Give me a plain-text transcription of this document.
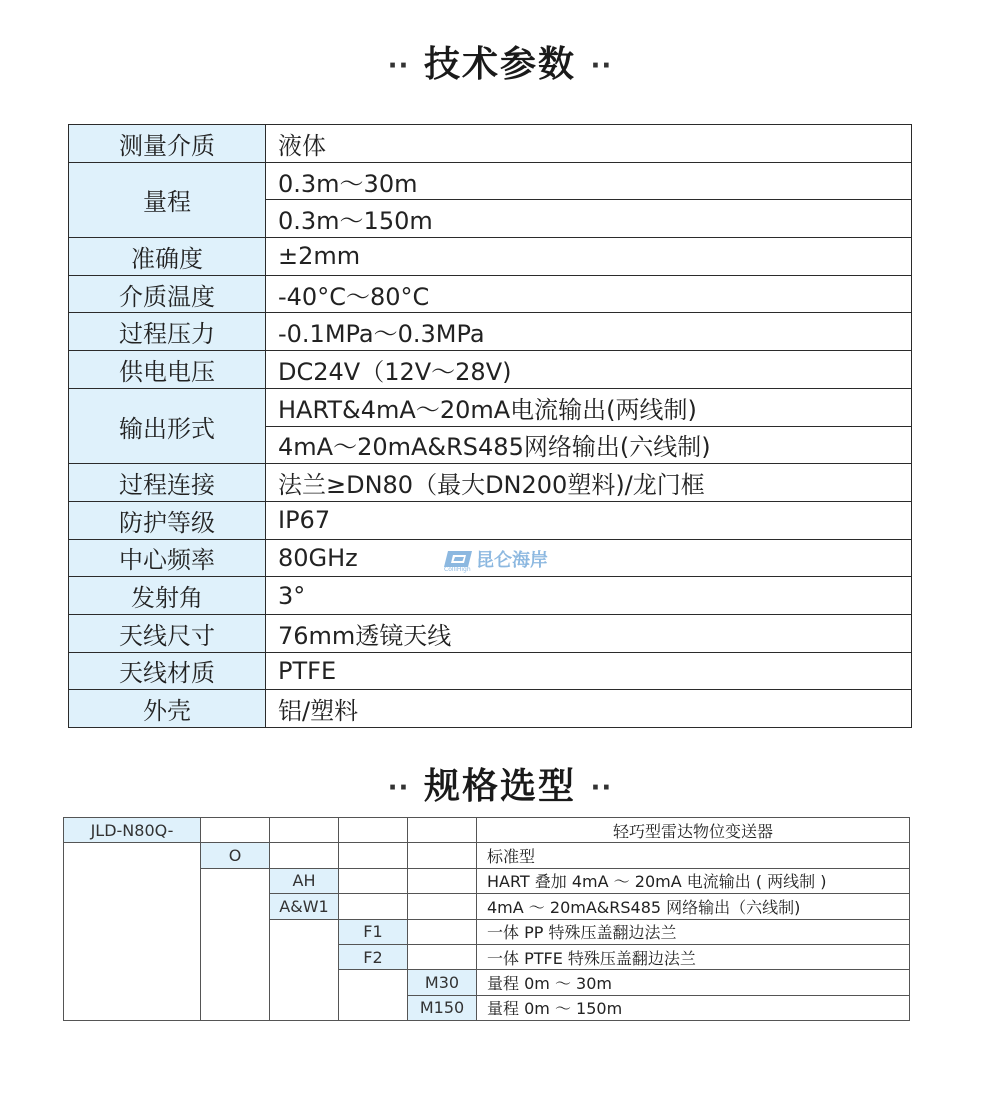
·· 技术参数 ··
测量介质	液体
量程	0.3m～30m
	0.3m～150m
准确度	±2mm
介质温度	-40°C～80°C
过程压力	-0.1MPa～0.3MPa
供电电压	DC24V（12V～28V)
输出形式	HART&4mA～20mA电流输出(两线制)
	4mA～20mA&RS485网络输出(六线制)
过程连接	法兰≥DN80（最大DN200塑料)/龙门框
防护等级	IP67
中心频率	80GHz
发射角	3°
天线尺寸	76mm透镜天线
天线材质	PTFE
外壳	铝/塑料
昆仑海岸
ColliHigh
·· 规格选型 ··
JLD-N80Q-					轻巧型雷达物位变送器
	O				标准型
		AH			HART 叠加 4mA ～ 20mA 电流输出 ( 两线制 )
		A&W1			4mA ～ 20mA&RS485 网络输出（六线制)
			F1		一体 PP 特殊压盖翻边法兰
			F2		一体 PTFE 特殊压盖翻边法兰
				M30	量程 0m ～ 30m
				M150	量程 0m ～ 150m
